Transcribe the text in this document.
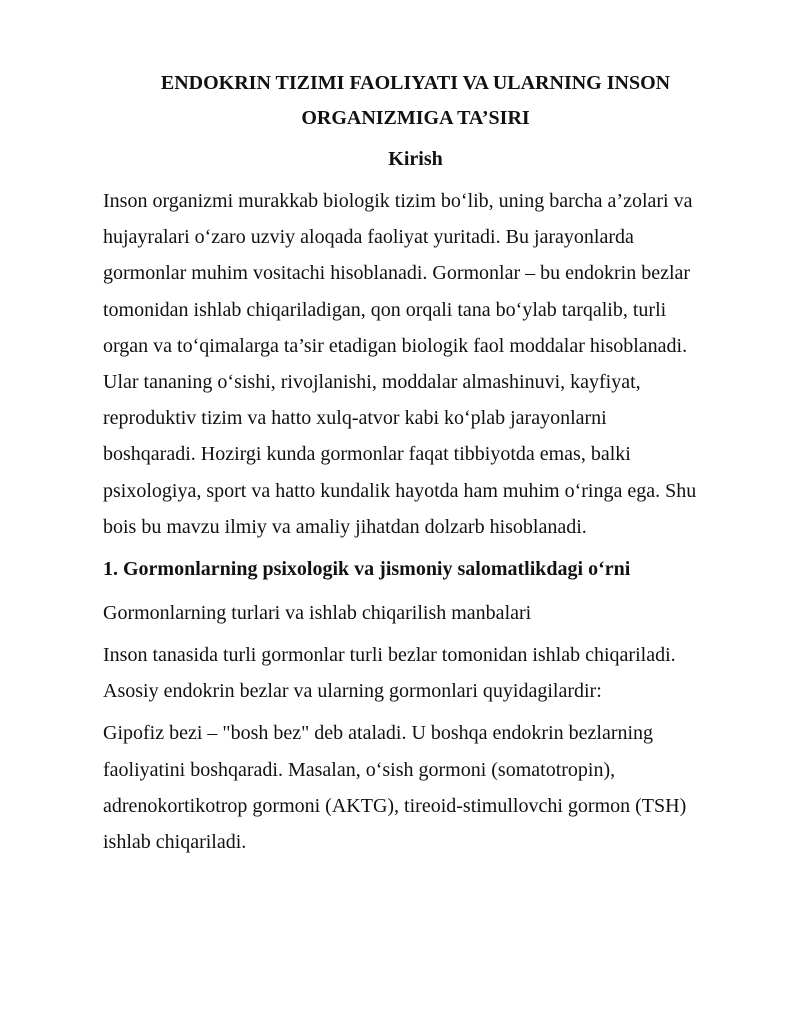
ENDOKRIN TIZIMI FAOLIYATI VA ULARNING INSON
ORGANIZMIGA TA’SIRI

Kirish

Inson organizmi murakkab biologik tizim bo‘lib, uning barcha a’zolari va
hujayralari o‘zaro uzviy aloqada faoliyat yuritadi. Bu jarayonlarda
gormonlar muhim vositachi hisoblanadi. Gormonlar – bu endokrin bezlar
tomonidan ishlab chiqariladigan, qon orqali tana bo‘ylab tarqalib, turli
organ va to‘qimalarga ta’sir etadigan biologik faol moddalar hisoblanadi.
Ular tananing o‘sishi, rivojlanishi, moddalar almashinuvi, kayfiyat,
reproduktiv tizim va hatto xulq-atvor kabi ko‘plab jarayonlarni
boshqaradi. Hozirgi kunda gormonlar faqat tibbiyotda emas, balki
psixologiya, sport va hatto kundalik hayotda ham muhim o‘ringa ega. Shu
bois bu mavzu ilmiy va amaliy jihatdan dolzarb hisoblanadi.

1. Gormonlarning psixologik va jismoniy salomatlikdagi o‘rni

Gormonlarning turlari va ishlab chiqarilish manbalari

Inson tanasida turli gormonlar turli bezlar tomonidan ishlab chiqariladi.
Asosiy endokrin bezlar va ularning gormonlari quyidagilardir:

Gipofiz bezi – "bosh bez" deb ataladi. U boshqa endokrin bezlarning
faoliyatini boshqaradi. Masalan, o‘sish gormoni (somatotropin),
adrenokortikotrop gormoni (AKTG), tireoid-stimullovchi gormon (TSH)
ishlab chiqariladi.
